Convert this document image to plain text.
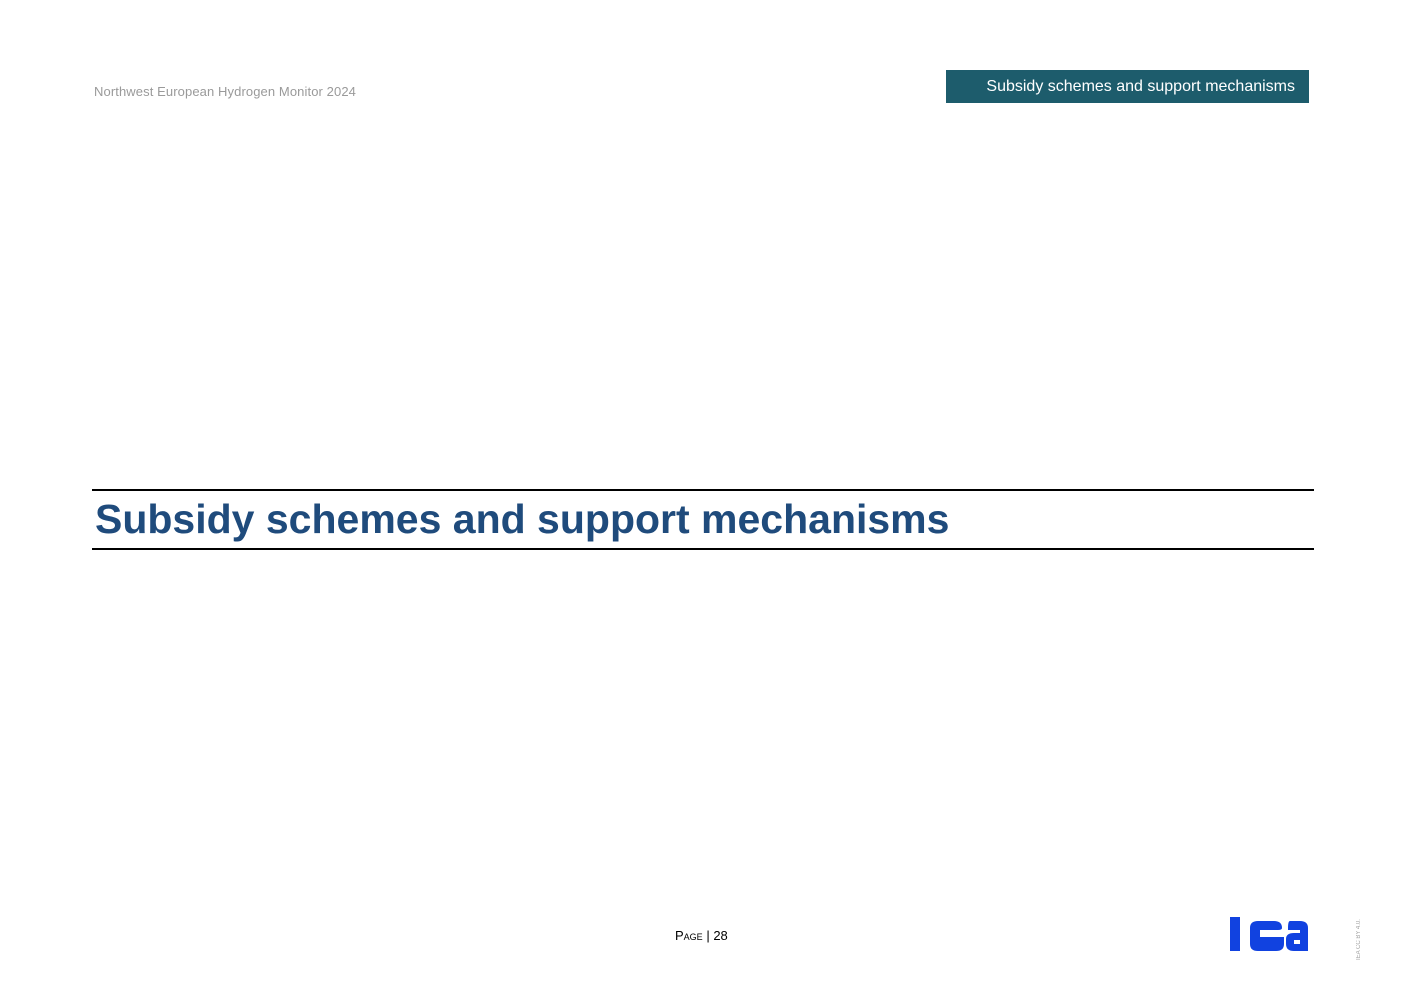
Northwest European Hydrogen Monitor 2024	Subsidy schemes and support mechanisms
Subsidy schemes and support mechanisms
Page | 28	IEA CC BY 4.0.
